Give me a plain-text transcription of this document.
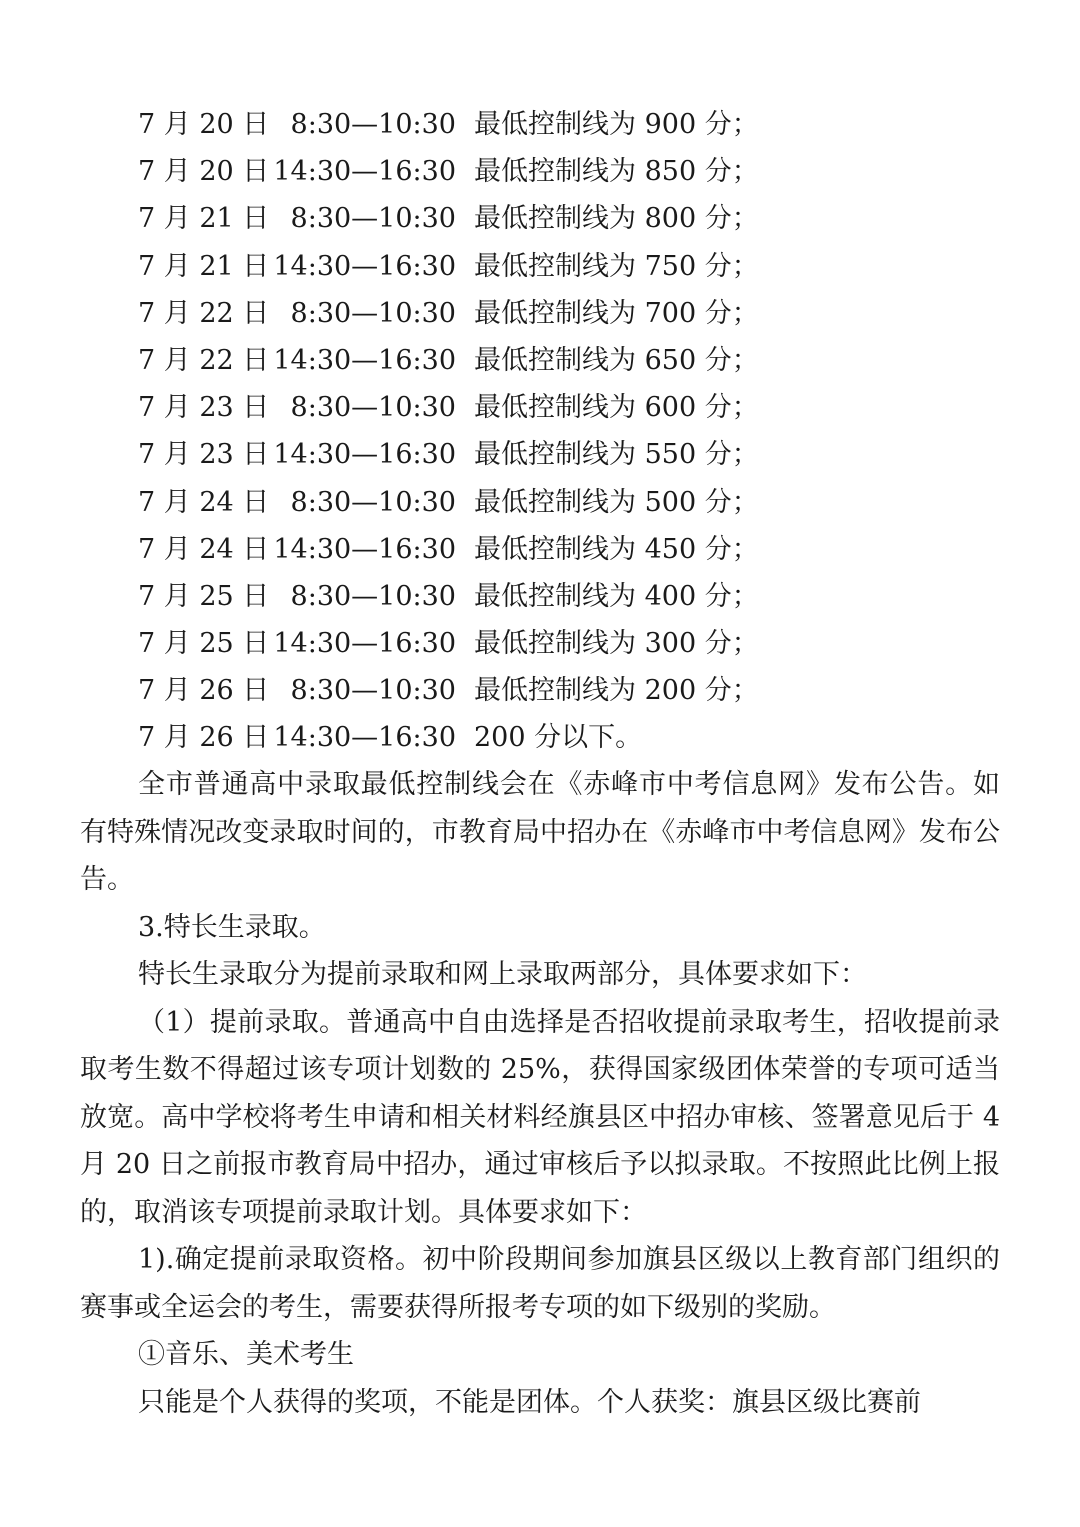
7 月 20 日 8:30—10:30 最低控制线为 900 分；
7 月 20 日 14:30—16:30 最低控制线为 850 分；
7 月 21 日 8:30—10:30 最低控制线为 800 分；
7 月 21 日 14:30—16:30 最低控制线为 750 分；
7 月 22 日 8:30—10:30 最低控制线为 700 分；
7 月 22 日 14:30—16:30 最低控制线为 650 分；
7 月 23 日 8:30—10:30 最低控制线为 600 分；
7 月 23 日 14:30—16:30 最低控制线为 550 分；
7 月 24 日 8:30—10:30 最低控制线为 500 分；
7 月 24 日 14:30—16:30 最低控制线为 450 分；
7 月 25 日 8:30—10:30 最低控制线为 400 分；
7 月 25 日 14:30—16:30 最低控制线为 300 分；
7 月 26 日 8:30—10:30 最低控制线为 200 分；
7 月 26 日 14:30—16:30 200 分以下。

全市普通高中录取最低控制线会在《赤峰市中考信息网》发布公告。如有特殊情况改变录取时间的，市教育局中招办在《赤峰市中考信息网》发布公告。

3.特长生录取。

特长生录取分为提前录取和网上录取两部分，具体要求如下：

（1）提前录取。普通高中自由选择是否招收提前录取考生，招收提前录取考生数不得超过该专项计划数的 25%，获得国家级团体荣誉的专项可适当放宽。高中学校将考生申请和相关材料经旗县区中招办审核、签署意见后于 4 月 20 日之前报市教育局中招办，通过审核后予以拟录取。不按照此比例上报的，取消该专项提前录取计划。具体要求如下：

1).确定提前录取资格。初中阶段期间参加旗县区级以上教育部门组织的赛事或全运会的考生，需要获得所报考专项的如下级别的奖励。

①音乐、美术考生

只能是个人获得的奖项，不能是团体。个人获奖：旗县区级比赛前
